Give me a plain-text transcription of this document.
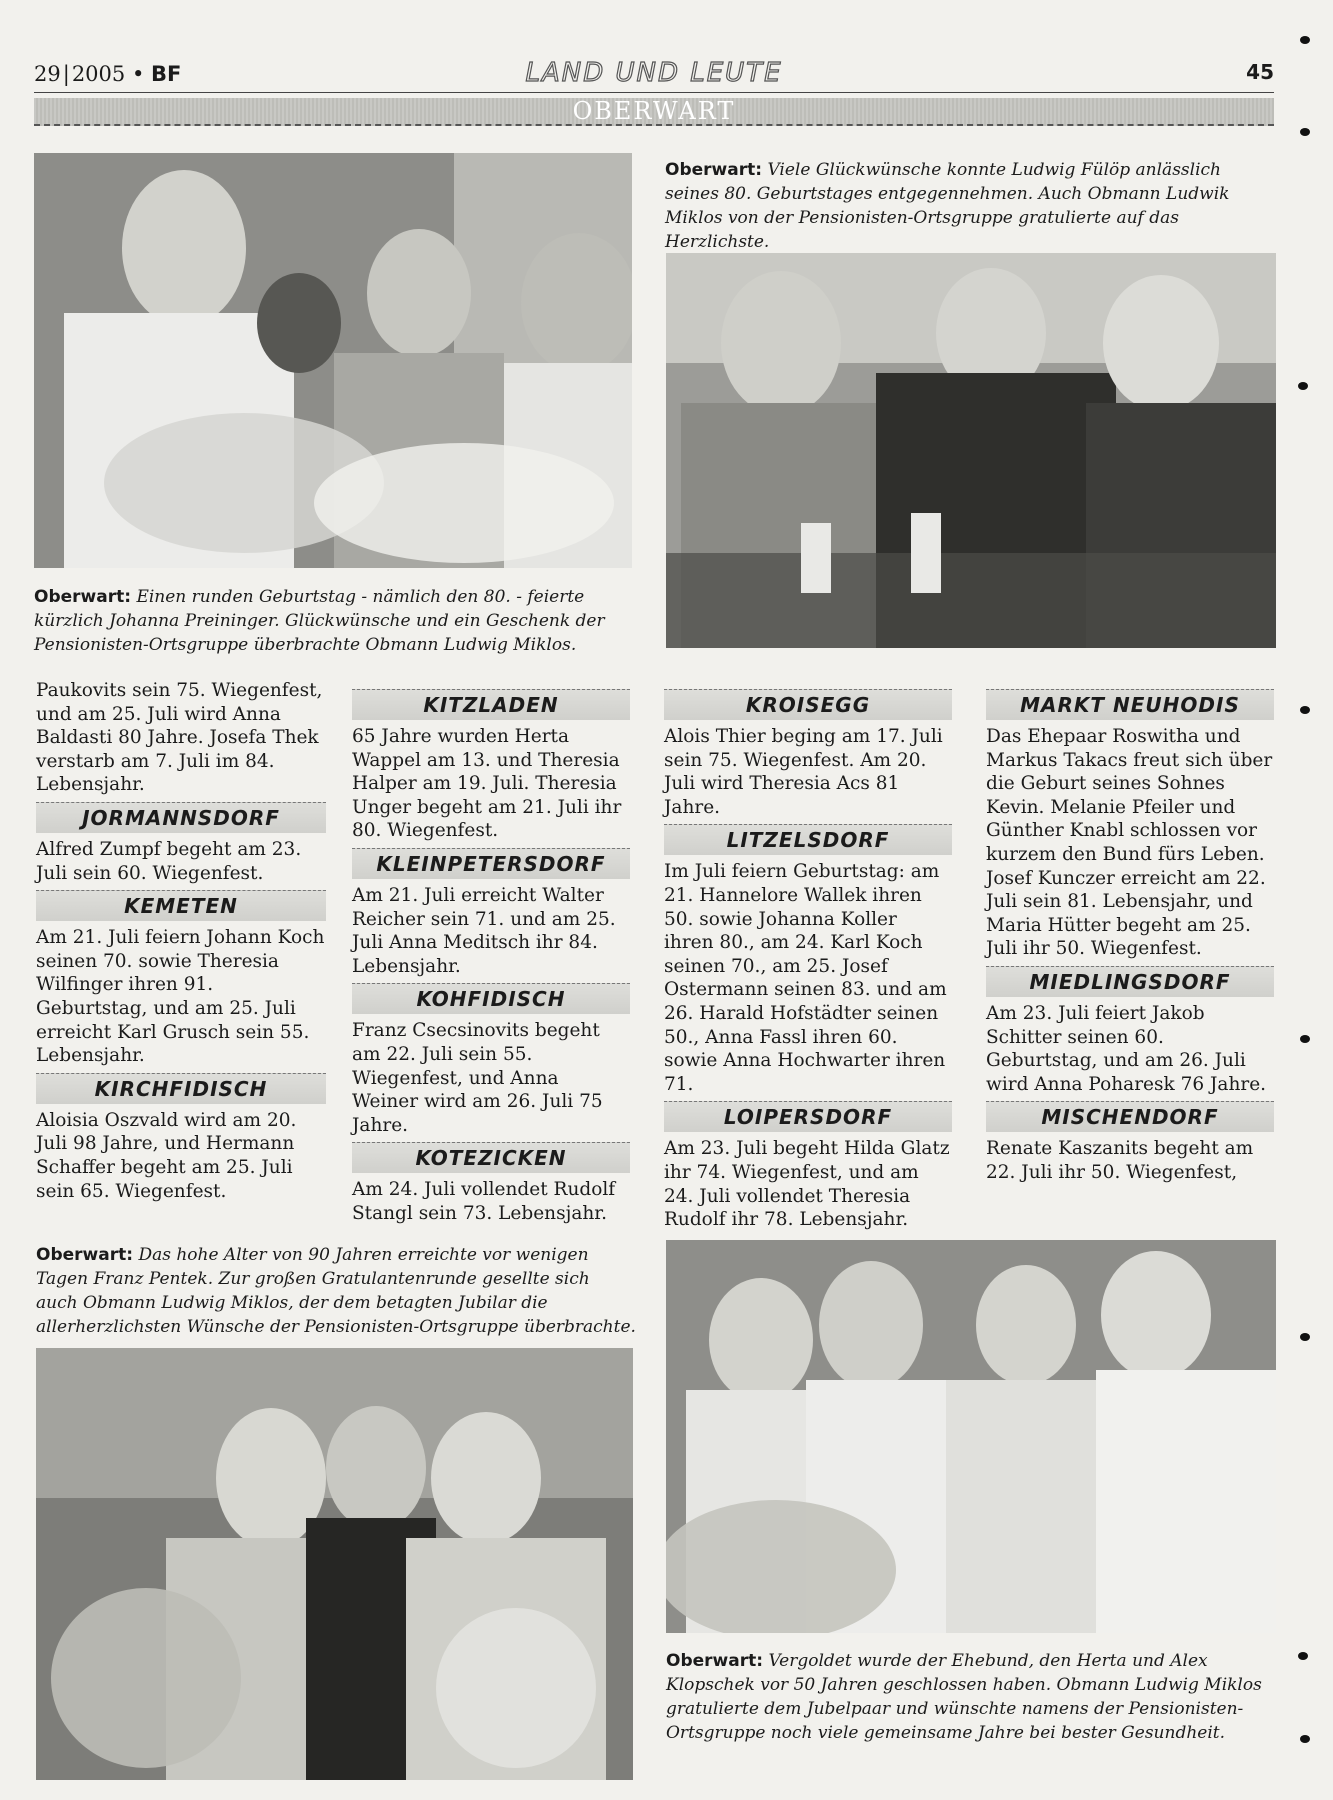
29|2005 • BF	LAND UND LEUTE	45
OBERWART
Oberwart: Einen runden Geburtstag - nämlich den 80. - feierte kürzlich Johanna Preininger. Glückwünsche und ein Geschenk der Pensionisten-Ortsgruppe überbrachte Obmann Ludwig Miklos.
Oberwart: Viele Glückwünsche konnte Ludwig Fülöp anlässlich seines 80. Geburtstages entgegennehmen. Auch Obmann Ludwik Miklos von der Pensionisten-Ortsgruppe gratulierte auf das Herzlichste.

Paukovits sein 75. Wiegenfest, und am 25. Juli wird Anna Baldasti 80 Jahre. Josefa Thek verstarb am 7. Juli im 84. Lebensjahr.

JORMANNSDORF

Alfred Zumpf begeht am 23. Juli sein 60. Wiegenfest.

KEMETEN

Am 21. Juli feiern Johann Koch seinen 70. sowie Theresia Wilfinger ihren 91. Geburtstag, und am 25. Juli erreicht Karl Grusch sein 55. Lebensjahr.

KIRCHFIDISCH

Aloisia Oszvald wird am 20. Juli 98 Jahre, und Hermann Schaffer begeht am 25. Juli sein 65. Wiegenfest.

KITZLADEN

65 Jahre wurden Herta Wappel am 13. und Theresia Halper am 19. Juli. Theresia Unger begeht am 21. Juli ihr 80. Wiegenfest.

KLEINPETERSDORF

Am 21. Juli erreicht Walter Reicher sein 71. und am 25. Juli Anna Meditsch ihr 84. Lebensjahr.

KOHFIDISCH

Franz Csecsinovits begeht am 22. Juli sein 55. Wiegenfest, und Anna Weiner wird am 26. Juli 75 Jahre.

KOTEZICKEN

Am 24. Juli vollendet Rudolf Stangl sein 73. Lebensjahr.

KROISEGG

Alois Thier beging am 17. Juli sein 75. Wiegenfest. Am 20. Juli wird Theresia Acs 81 Jahre.

LITZELSDORF

Im Juli feiern Geburtstag: am 21. Hannelore Wallek ihren 50. sowie Johanna Koller ihren 80., am 24. Karl Koch seinen 70., am 25. Josef Ostermann seinen 83. und am 26. Harald Hofstädter seinen 50., Anna Fassl ihren 60. sowie Anna Hochwarter ihren 71.

LOIPERSDORF

Am 23. Juli begeht Hilda Glatz ihr 74. Wiegenfest, und am 24. Juli vollendet Theresia Rudolf ihr 78. Lebensjahr.

MARKT NEUHODIS

Das Ehepaar Roswitha und Markus Takacs freut sich über die Geburt seines Sohnes Kevin. Melanie Pfeiler und Günther Knabl schlossen vor kurzem den Bund fürs Leben. Josef Kunczer erreicht am 22. Juli sein 81. Lebensjahr, und Maria Hütter begeht am 25. Juli ihr 50. Wiegenfest.

MIEDLINGSDORF

Am 23. Juli feiert Jakob Schitter seinen 60. Geburtstag, und am 26. Juli wird Anna Poharesk 76 Jahre.

MISCHENDORF

Renate Kaszanits begeht am 22. Juli ihr 50. Wiegenfest,

Oberwart: Das hohe Alter von 90 Jahren erreichte vor wenigen Tagen Franz Pentek. Zur großen Gratulantenrunde gesellte sich auch Obmann Ludwig Miklos, der dem betagten Jubilar die allerherzlichsten Wünsche der Pensionisten-Ortsgruppe überbrachte.
Oberwart: Vergoldet wurde der Ehebund, den Herta und Alex Klopschek vor 50 Jahren geschlossen haben. Obmann Ludwig Miklos gratulierte dem Jubelpaar und wünschte namens der Pensionisten-Ortsgruppe noch viele gemeinsame Jahre bei bester Gesundheit.
